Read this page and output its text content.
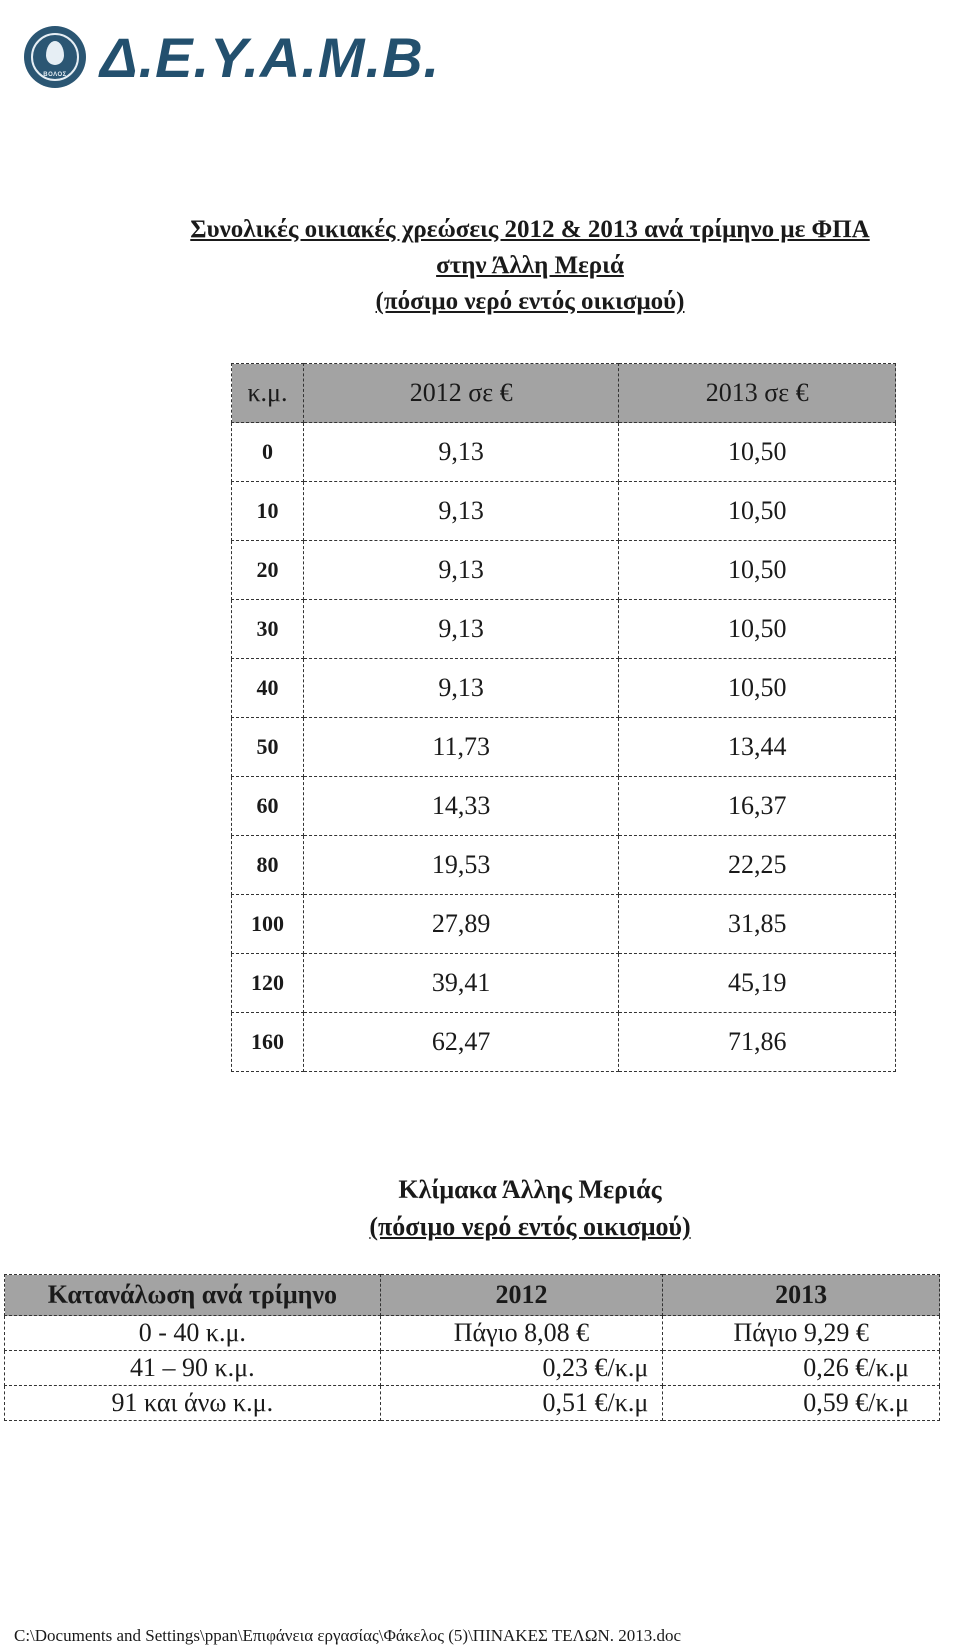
ΒΟΛΟΣ Δ.Ε.Υ.Α.Μ.Β.
Συνολικές οικιακές χρεώσεις 2012 & 2013 ανά τρίμηνο με ΦΠΑ
στην Άλλη Μεριά
(πόσιμο νερό εντός οικισμού)
κ.μ.	2012 σε €	2013 σε €
0	9,13	10,50
10	9,13	10,50
20	9,13	10,50
30	9,13	10,50
40	9,13	10,50
50	11,73	13,44
60	14,33	16,37
80	19,53	22,25
100	27,89	31,85
120	39,41	45,19
160	62,47	71,86
Κλίμακα Άλλης Μεριάς
(πόσιμο νερό εντός οικισμού)
Κατανάλωση ανά τρίμηνο	2012	2013
0 - 40 κ.μ.	Πάγιο 8,08 €	Πάγιο 9,29 €
41 – 90 κ.μ.	0,23 €/κ.μ	0,26 €/κ.μ
91 και άνω κ.μ.	0,51 €/κ.μ	0,59 €/κ.μ
C:\Documents and Settings\ppan\Επιφάνεια εργασίας\Φάκελος (5)\ΠΙΝΑΚΕΣ ΤΕΛΩΝ. 2013.doc
